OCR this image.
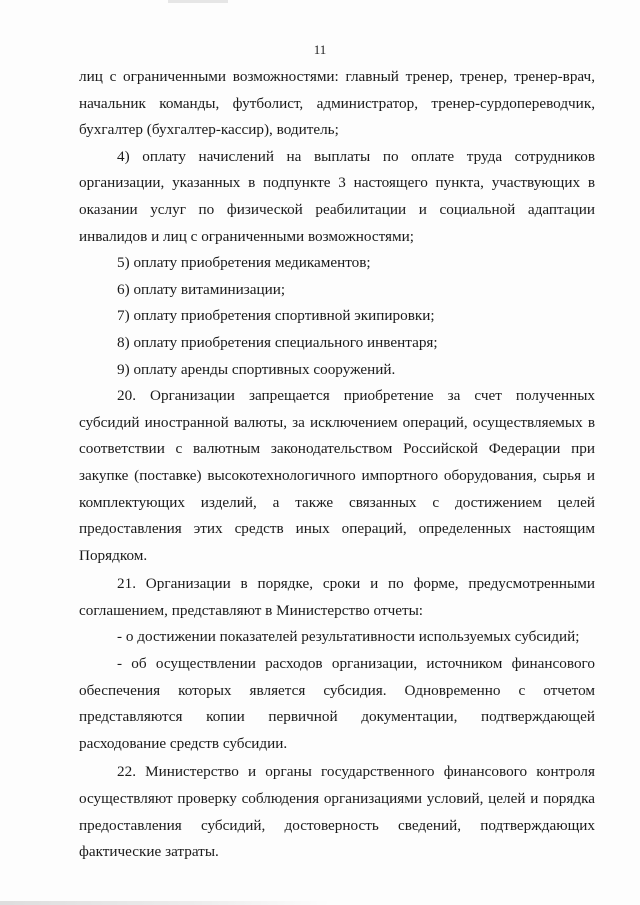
11

лиц с ограниченными возможностями: главный тренер, тренер, тренер-врач, начальник команды, футболист, администратор, тренер-сурдопереводчик, бухгалтер (бухгалтер-кассир), водитель;

4) оплату начислений на выплаты по оплате труда сотрудников организации, указанных в подпункте 3 настоящего пункта, участвующих в оказании услуг по физической реабилитации и социальной адаптации инвалидов и лиц с ограниченными возможностями;

5) оплату приобретения медикаментов;

6) оплату витаминизации;

7) оплату приобретения спортивной экипировки;

8) оплату приобретения специального инвентаря;

9) оплату аренды спортивных сооружений.

20. Организации запрещается приобретение за счет полученных субсидий иностранной валюты, за исключением операций, осуществляемых в соответствии с валютным законодательством Российской Федерации при закупке (поставке) высокотехнологичного импортного оборудования, сырья и комплектующих изделий, а также связанных с достижением целей предоставления этих средств иных операций, определенных настоящим Порядком.

21. Организации в порядке, сроки и по форме, предусмотренными соглашением, представляют в Министерство отчеты:

- о достижении показателей результативности используемых субсидий;

- об осуществлении расходов организации, источником финансового обеспечения которых является субсидия. Одновременно с отчетом представляются копии первичной документации, подтверждающей расходование средств субсидии.

22. Министерство и органы государственного финансового контроля осуществляют проверку соблюдения организациями условий, целей и порядка предоставления субсидий, достоверность сведений, подтверждающих фактические затраты.
